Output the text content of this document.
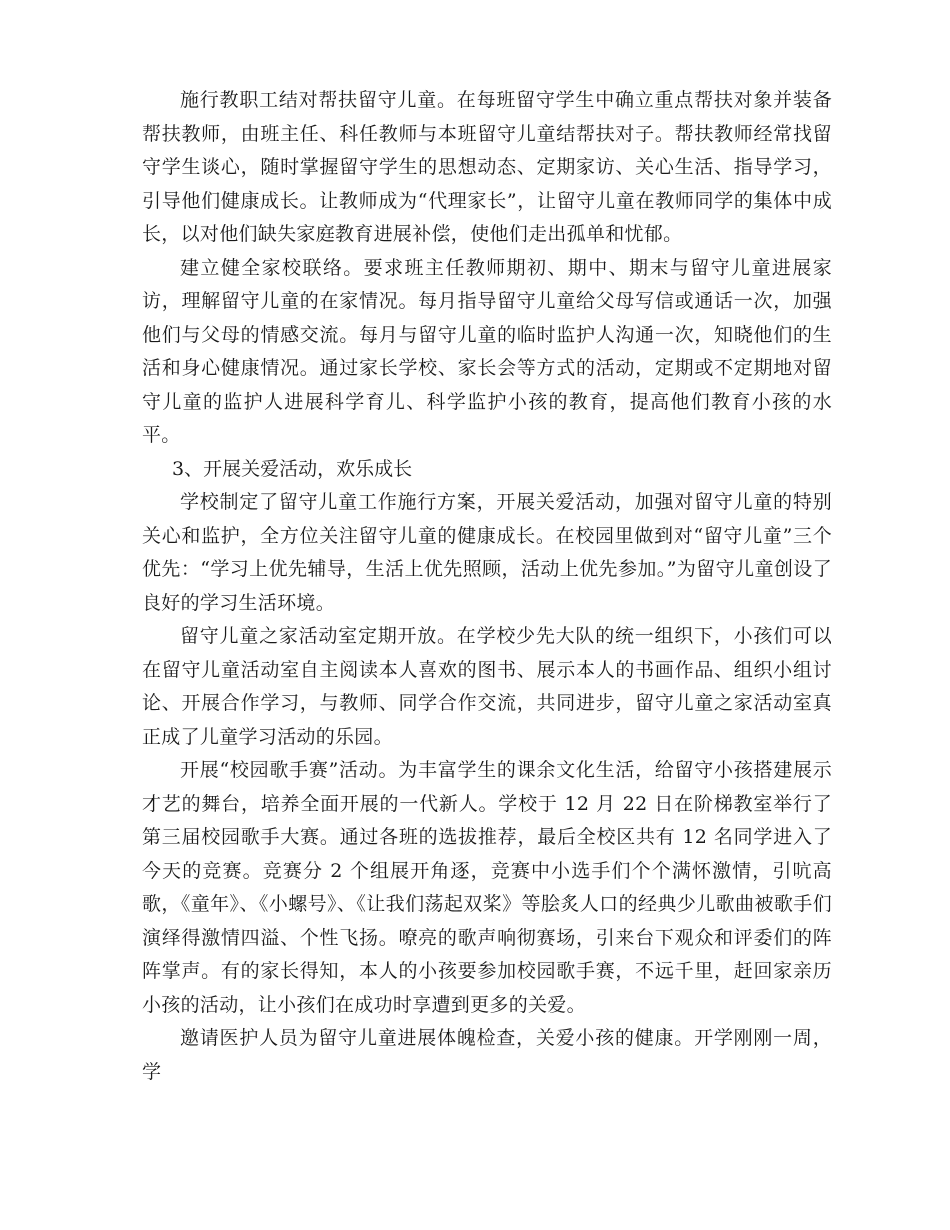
施行教职工结对帮扶留守儿童。在每班留守学生中确立重点帮扶对象并装备帮扶教师，由班主任、科任教师与本班留守儿童结帮扶对子。帮扶教师经常找留守学生谈心，随时掌握留守学生的思想动态、定期家访、关心生活、指导学习，引导他们健康成长。让教师成为“代理家长”，让留守儿童在教师同学的集体中成长，以对他们缺失家庭教育进展补偿，使他们走出孤单和忧郁。

建立健全家校联络。要求班主任教师期初、期中、期末与留守儿童进展家访，理解留守儿童的在家情况。每月指导留守儿童给父母写信或通话一次，加强他们与父母的情感交流。每月与留守儿童的临时监护人沟通一次，知晓他们的生活和身心健康情况。通过家长学校、家长会等方式的活动，定期或不定期地对留守儿童的监护人进展科学育儿、科学监护小孩的教育，提高他们教育小孩的水平。

3、开展关爱活动，欢乐成长

学校制定了留守儿童工作施行方案，开展关爱活动，加强对留守儿童的特别关心和监护，全方位关注留守儿童的健康成长。在校园里做到对“留守儿童”三个优先：“学习上优先辅导，生活上优先照顾，活动上优先参加。”为留守儿童创设了良好的学习生活环境。

留守儿童之家活动室定期开放。在学校少先大队的统一组织下，小孩们可以在留守儿童活动室自主阅读本人喜欢的图书、展示本人的书画作品、组织小组讨论、开展合作学习，与教师、同学合作交流，共同进步，留守儿童之家活动室真正成了儿童学习活动的乐园。

开展“校园歌手赛”活动。为丰富学生的课余文化生活，给留守小孩搭建展示才艺的舞台，培养全面开展的一代新人。学校于 12 月 22 日在阶梯教室举行了第三届校园歌手大赛。通过各班的选拔推荐，最后全校区共有 12 名同学进入了今天的竞赛。竞赛分 2 个组展开角逐，竞赛中小选手们个个满怀激情，引吭高歌，《童年》、《小螺号》、《让我们荡起双桨》等脍炙人口的经典少儿歌曲被歌手们演绎得激情四溢、个性飞扬。嘹亮的歌声响彻赛场，引来台下观众和评委们的阵阵掌声。有的家长得知，本人的小孩要参加校园歌手赛，不远千里，赶回家亲历小孩的活动，让小孩们在成功时享遭到更多的关爱。

邀请医护人员为留守儿童进展体魄检查，关爱小孩的健康。开学刚刚一周，学
